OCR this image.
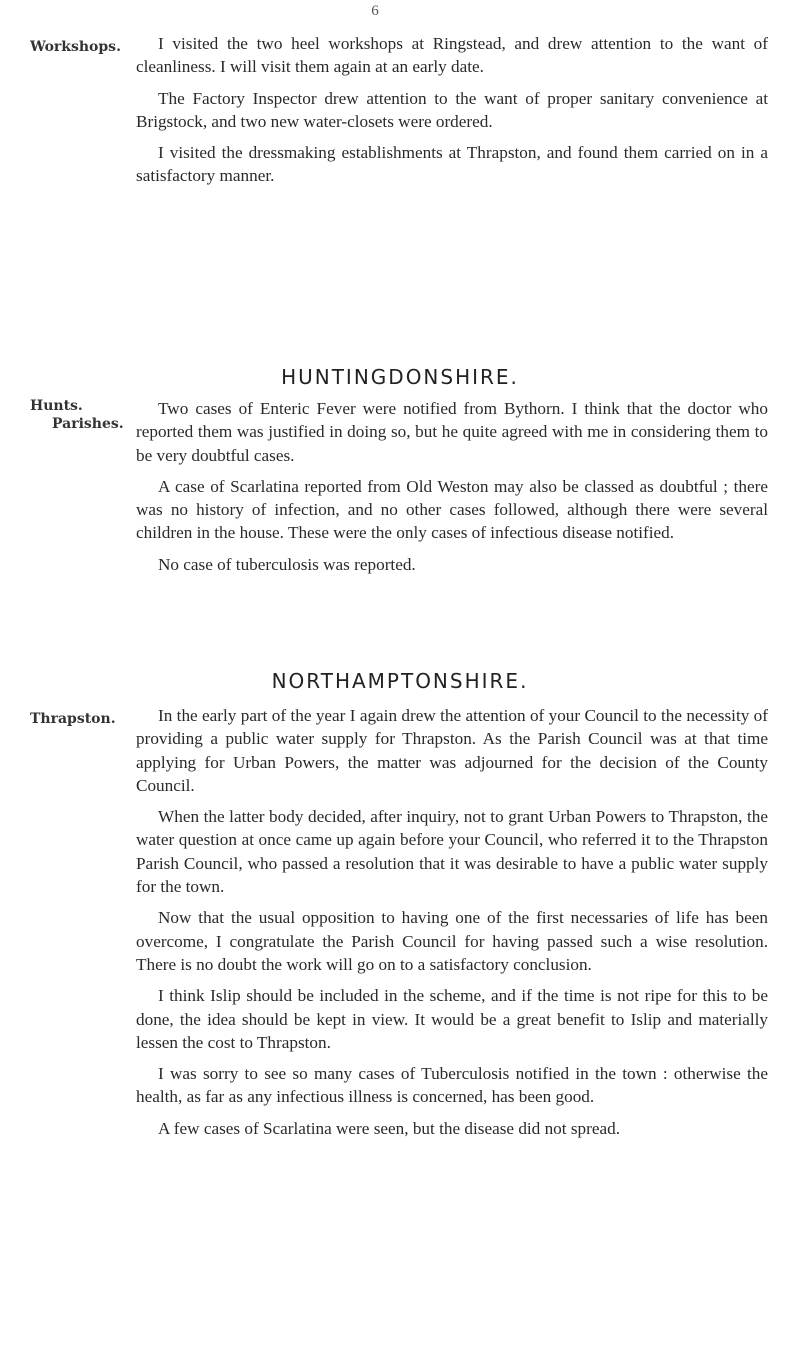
6
Workshops.	I visited the two heel workshops at Ringstead, and drew attention to the want of cleanliness. I will visit them again at an early date.

The Factory Inspector drew attention to the want of proper sanitary convenience at Brigstock, and two new water-closets were ordered.

I visited the dressmaking establishments at Thrapston, and found them carried on in a satisfactory manner.

HUNTINGDONSHIRE.
Hunts.
Parishes.

Two cases of Enteric Fever were notified from Bythorn. I think that the doctor who reported them was justified in doing so, but he quite agreed with me in considering them to be very doubtful cases.

A case of Scarlatina reported from Old Weston may also be classed as doubtful ; there was no history of infection, and no other cases followed, although there were several children in the house. These were the only cases of infectious disease notified.

No case of tuberculosis was reported.

NORTHAMPTONSHIRE.
Thrapston.	In the early part of the year I again drew the attention of your Council to the necessity of providing a public water supply for Thrapston. As the Parish Council was at that time applying for Urban Powers, the matter was adjourned for the decision of the County Council.

When the latter body decided, after inquiry, not to grant Urban Powers to Thrapston, the water question at once came up again before your Council, who referred it to the Thrapston Parish Council, who passed a resolution that it was desirable to have a public water supply for the town.

Now that the usual opposition to having one of the first necessaries of life has been overcome, I congratulate the Parish Council for having passed such a wise resolution. There is no doubt the work will go on to a satisfactory conclusion.

I think Islip should be included in the scheme, and if the time is not ripe for this to be done, the idea should be kept in view. It would be a great benefit to Islip and materially lessen the cost to Thrapston.

I was sorry to see so many cases of Tuberculosis notified in the town : otherwise the health, as far as any infectious illness is concerned, has been good.

A few cases of Scarlatina were seen, but the disease did not spread.
